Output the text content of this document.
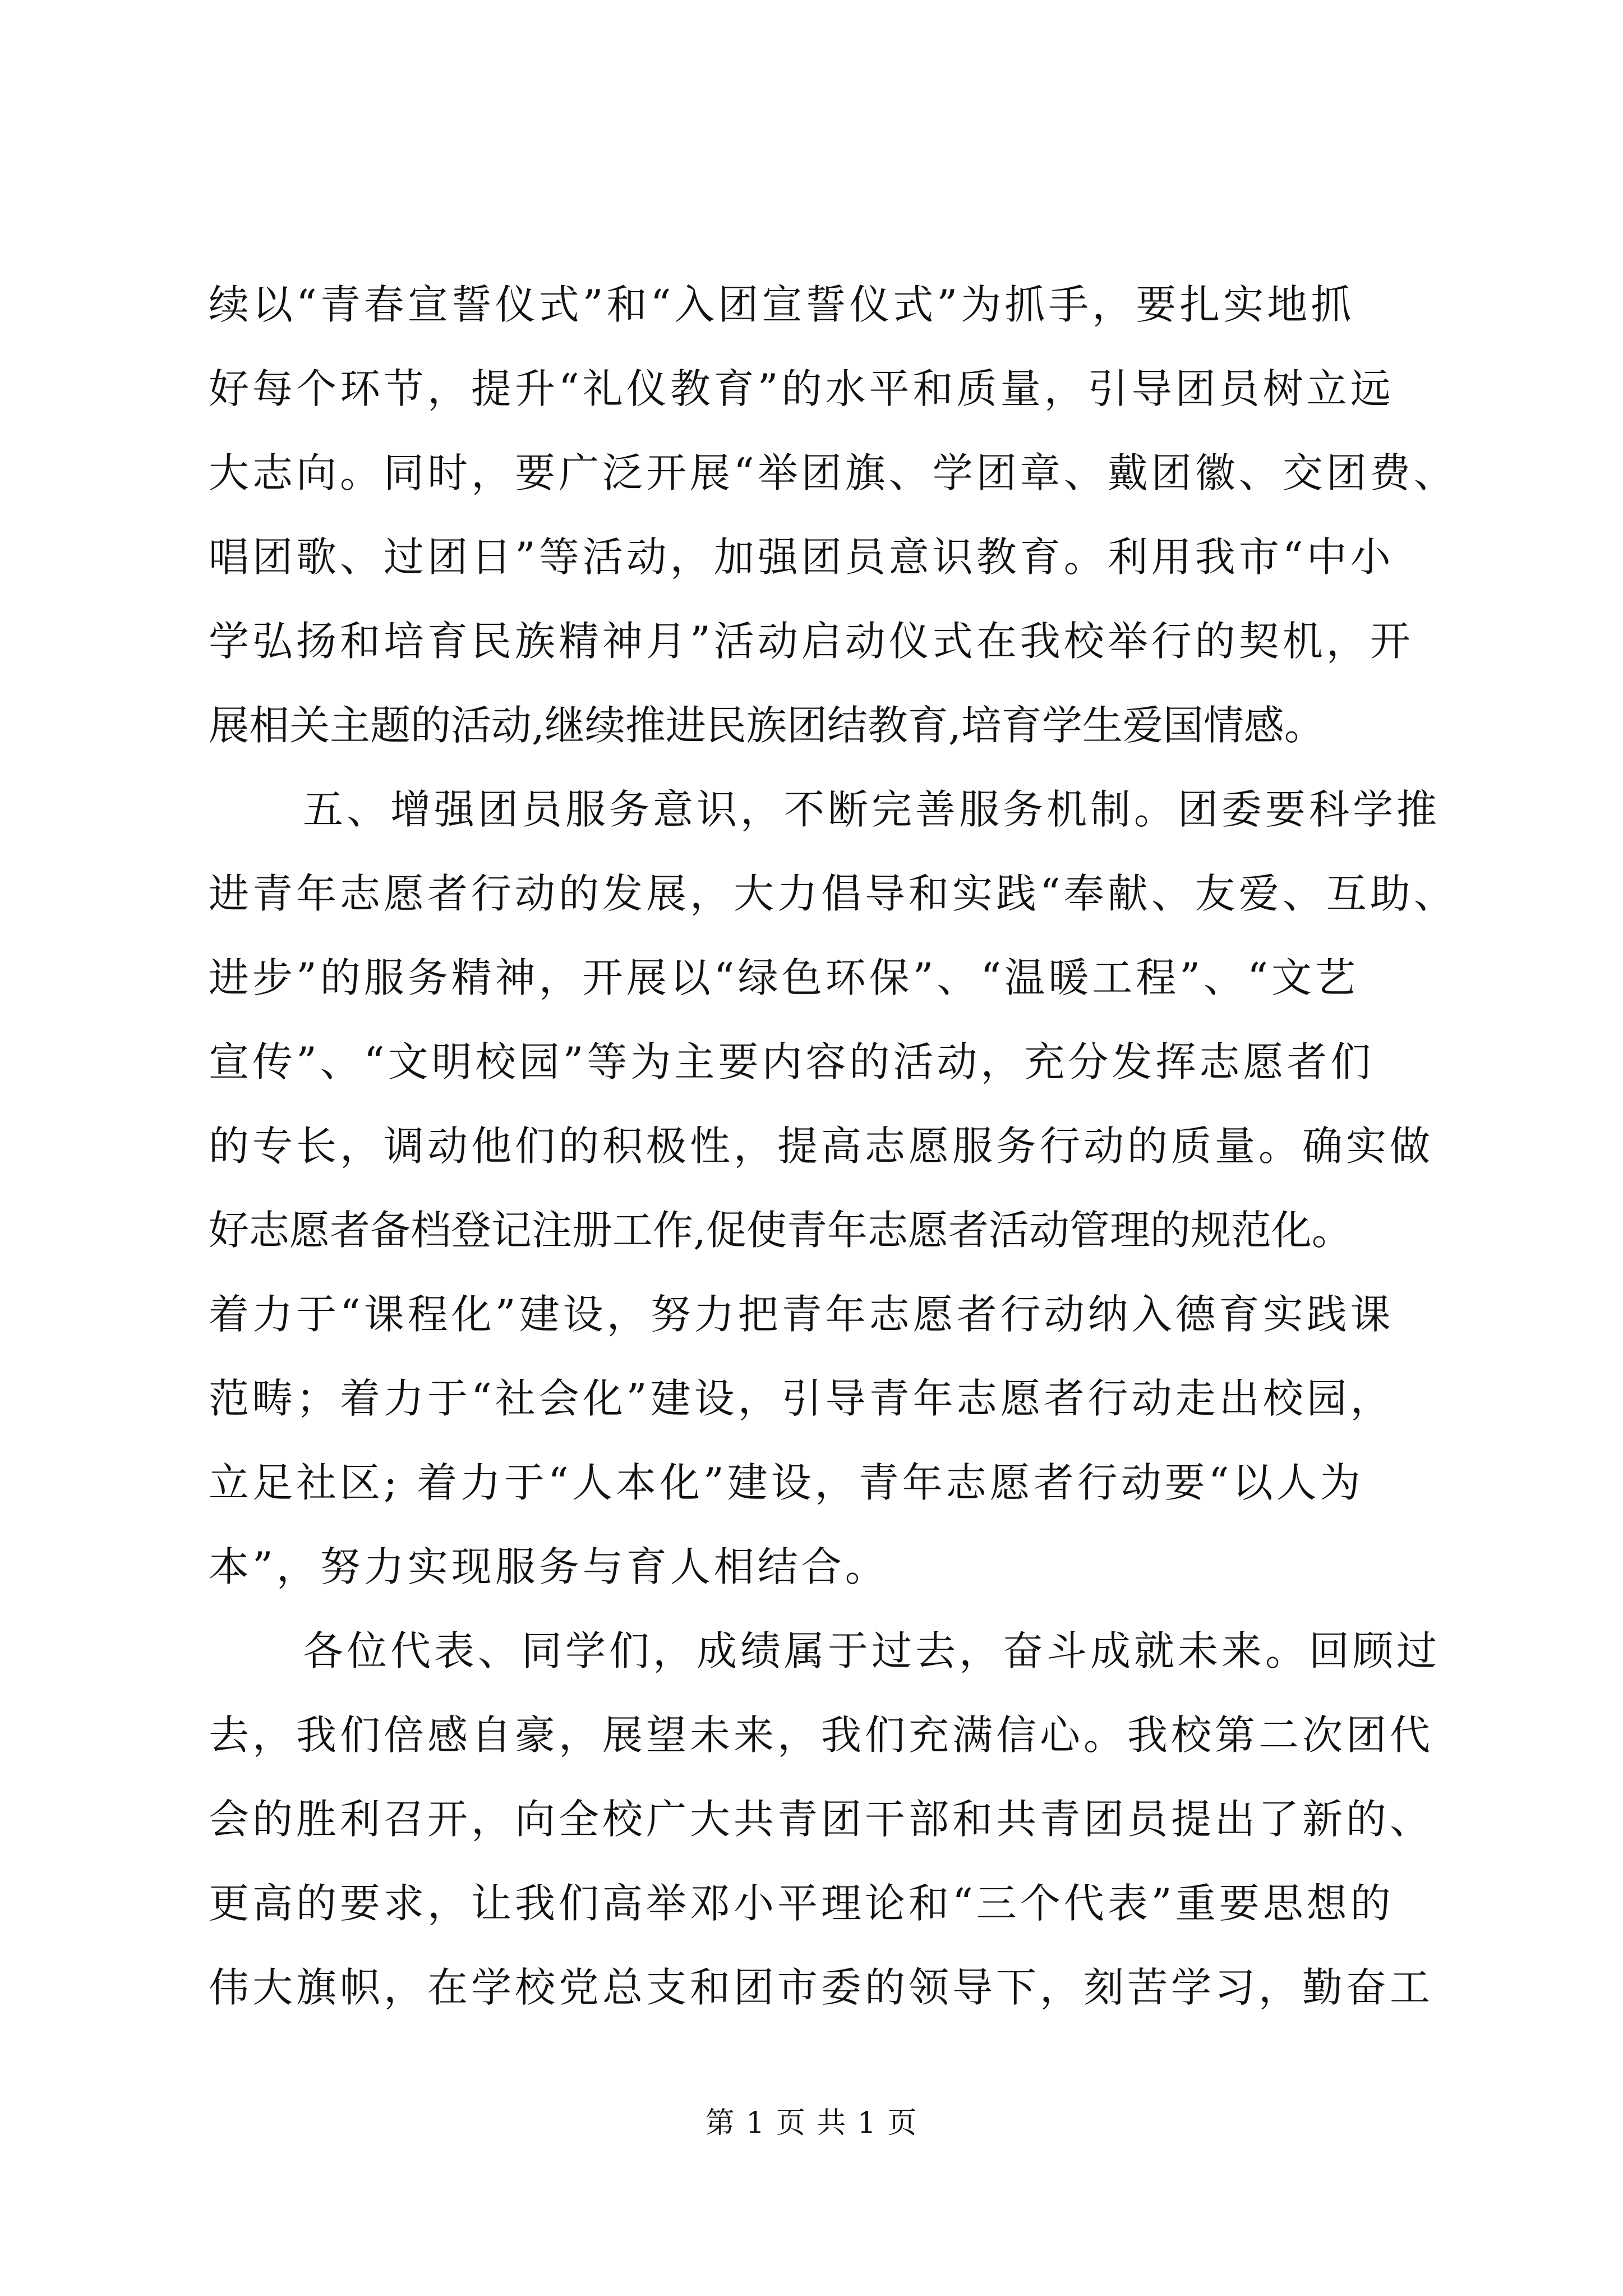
续以“青春宣誓仪式”和“入团宣誓仪式”为抓手，要扎实地抓
好每个环节，提升“礼仪教育”的水平和质量，引导团员树立远
大志向。同时，要广泛开展“举团旗、学团章、戴团徽、交团费、
唱团歌、过团日”等活动，加强团员意识教育。利用我市“中小
学弘扬和培育民族精神月”活动启动仪式在我校举行的契机，开
展相关主题的活动,继续推进民族团结教育,培育学生爱国情感。
五、增强团员服务意识，不断完善服务机制。团委要科学推
进青年志愿者行动的发展，大力倡导和实践“奉献、友爱、互助、
进步”的服务精神，开展以“绿色环保”、“温暖工程”、“文艺
宣传”、“文明校园”等为主要内容的活动，充分发挥志愿者们
的专长，调动他们的积极性，提高志愿服务行动的质量。确实做
好志愿者备档登记注册工作,促使青年志愿者活动管理的规范化。
着力于“课程化”建设，努力把青年志愿者行动纳入德育实践课
范畴；着力于“社会化”建设，引导青年志愿者行动走出校园，
立足社区; 着力于“人本化”建设，青年志愿者行动要“以人为
本”，努力实现服务与育人相结合。
各位代表、同学们，成绩属于过去，奋斗成就未来。回顾过
去，我们倍感自豪，展望未来，我们充满信心。我校第二次团代
会的胜利召开，向全校广大共青团干部和共青团员提出了新的、
更高的要求，让我们高举邓小平理论和“三个代表”重要思想的
伟大旗帜，在学校党总支和团市委的领导下，刻苦学习，勤奋工
第 1 页 共 1 页
